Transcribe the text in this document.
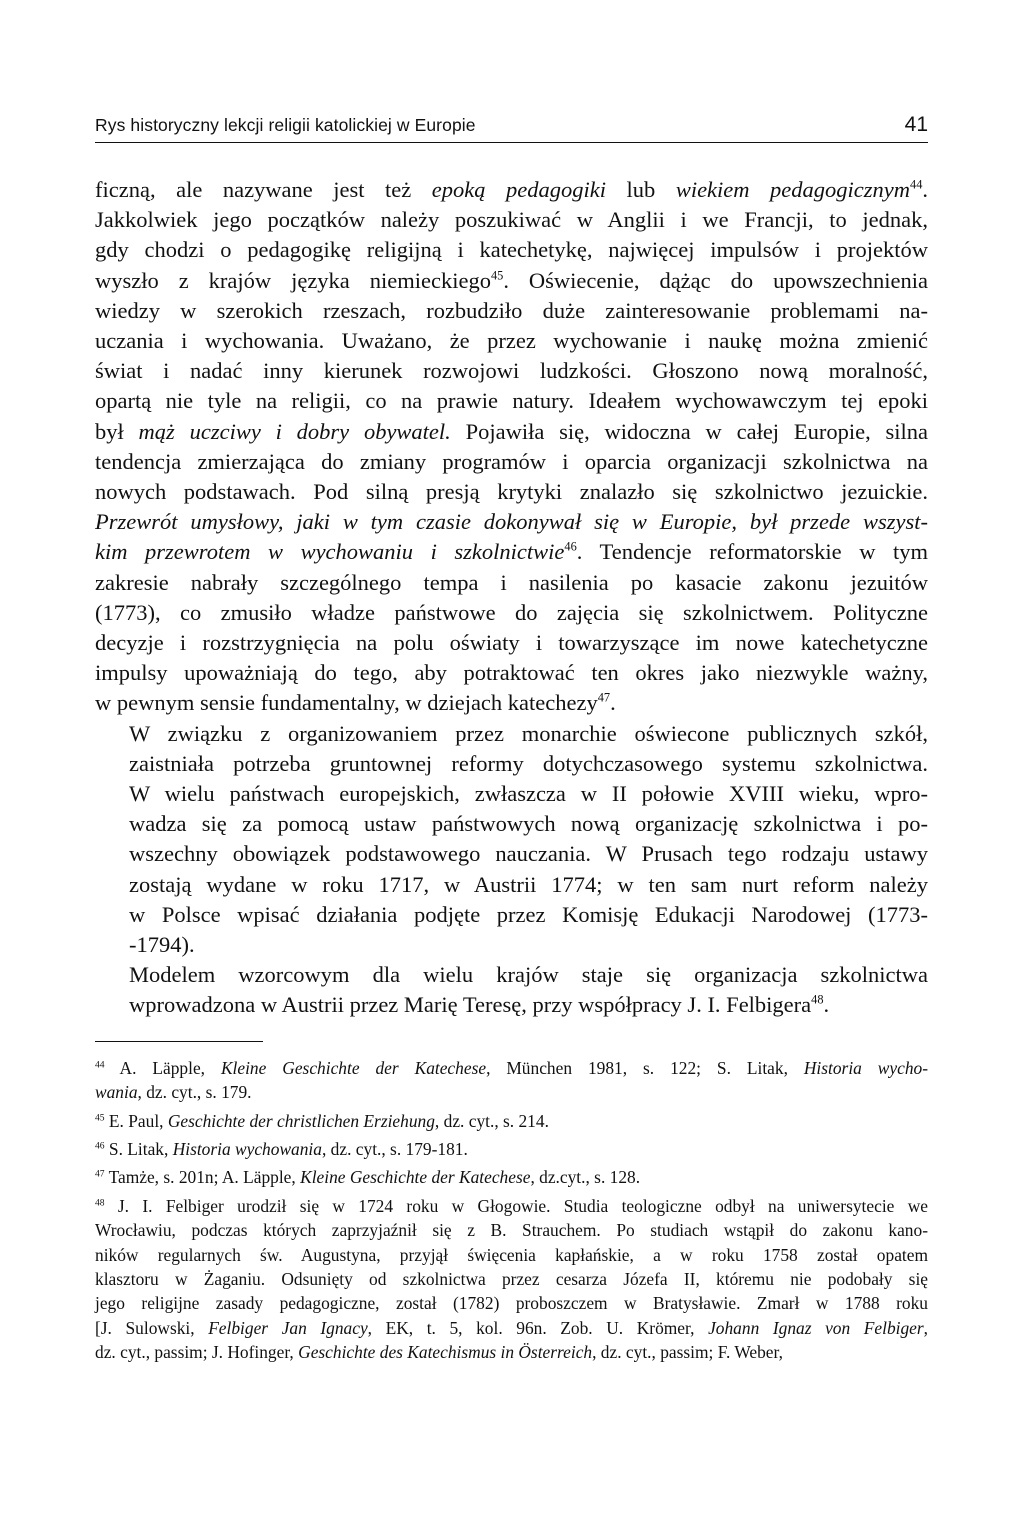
Rys historyczny lekcji religii katolickiej w Europie	41

ficzną, ale nazywane jest też epoką pedagogiki lub wiekiem pedagogicznym$^{44}$.
Jakkolwiek jego początków należy poszukiwać w Anglii i we Francji, to jednak,
gdy chodzi o pedagogikę religijną i katechetykę, najwięcej impulsów i projektów
wyszło z krajów języka niemieckiego$^{45}$. Oświecenie, dążąc do upowszechnienia
wiedzy w szerokich rzeszach, rozbudziło duże zainteresowanie problemami na-
uczania i wychowania. Uważano, że przez wychowanie i naukę można zmienić
świat i nadać inny kierunek rozwojowi ludzkości. Głoszono nową moralność,
opartą nie tyle na religii, co na prawie natury. Ideałem wychowawczym tej epoki
był mąż uczciwy i dobry obywatel. Pojawiła się, widoczna w całej Europie, silna
tendencja zmierzająca do zmiany programów i oparcia organizacji szkolnictwa na
nowych podstawach. Pod silną presją krytyki znalazło się szkolnictwo jezuickie.
Przewrót umysłowy, jaki w tym czasie dokonywał się w Europie, był przede wszyst-
kim przewrotem w wychowaniu i szkolnictwie$^{46}$. Tendencje reformatorskie w tym
zakresie nabrały szczególnego tempa i nasilenia po kasacie zakonu jezuitów
(1773), co zmusiło władze państwowe do zajęcia się szkolnictwem. Polityczne
decyzje i rozstrzygnięcia na polu oświaty i towarzyszące im nowe katechetyczne
impulsy upoważniają do tego, aby potraktować ten okres jako niezwykle ważny,
w pewnym sensie fundamentalny, w dziejach katechezy$^{47}$.

W związku z organizowaniem przez monarchie oświecone publicznych szkół,
zaistniała potrzeba gruntownej reformy dotychczasowego systemu szkolnictwa.
W wielu państwach europejskich, zwłaszcza w II połowie XVIII wieku, wpro-
wadza się za pomocą ustaw państwowych nową organizację szkolnictwa i po-
wszechny obowiązek podstawowego nauczania. W Prusach tego rodzaju ustawy
zostają wydane w roku 1717, w Austrii 1774; w ten sam nurt reform należy
w Polsce wpisać działania podjęte przez Komisję Edukacji Narodowej (1773-
-1794).

Modelem wzorcowym dla wielu krajów staje się organizacja szkolnictwa
wprowadzona w Austrii przez Marię Teresę, przy współpracy J. I. Felbigera$^{48}$.

$^{44}$ A. Läpple, Kleine Geschichte der Katechese, München 1981, s. 122; S. Litak, Historia wycho-
wania, dz. cyt., s. 179.
$^{45}$ E. Paul, Geschichte der christlichen Erziehung, dz. cyt., s. 214.
$^{46}$ S. Litak, Historia wychowania, dz. cyt., s. 179-181.
$^{47}$ Tamże, s. 201n; A. Läpple, Kleine Geschichte der Katechese, dz.cyt., s. 128.
$^{48}$ J. I. Felbiger urodził się w 1724 roku w Głogowie. Studia teologiczne odbył na uniwersytecie we
Wrocławiu, podczas których zaprzyjaźnił się z B. Strauchem. Po studiach wstąpił do zakonu kano-
ników regularnych św. Augustyna, przyjął święcenia kapłańskie, a w roku 1758 został opatem
klasztoru w Żaganiu. Odsunięty od szkolnictwa przez cesarza Józefa II, któremu nie podobały się
jego religijne zasady pedagogiczne, został (1782) proboszczem w Bratysławie. Zmarł w 1788 roku
[J. Sulowski, Felbiger Jan Ignacy, EK, t. 5, kol. 96n. Zob. U. Krömer, Johann Ignaz von Felbiger,
dz. cyt., passim; J. Hofinger, Geschichte des Katechismus in Österreich, dz. cyt., passim; F. Weber,
